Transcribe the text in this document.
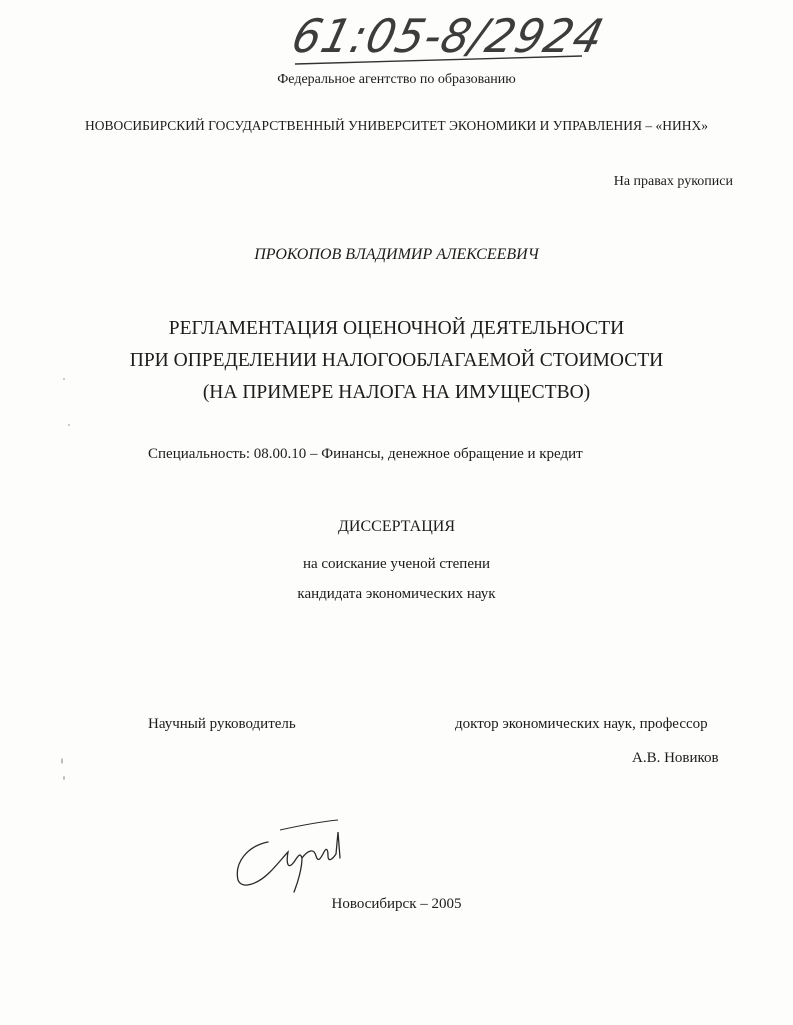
61:05-8/2924
Федеральное агентство по образованию
НОВОСИБИРСКИЙ ГОСУДАРСТВЕННЫЙ УНИВЕРСИТЕТ ЭКОНОМИКИ И УПРАВЛЕНИЯ – «НИНХ»
На правах рукописи
ПРОКОПОВ ВЛАДИМИР АЛЕКСЕЕВИЧ
РЕГЛАМЕНТАЦИЯ ОЦЕНОЧНОЙ ДЕЯТЕЛЬНОСТИ
ПРИ ОПРЕДЕЛЕНИИ НАЛОГООБЛАГАЕМОЙ СТОИМОСТИ
(НА ПРИМЕРЕ НАЛОГА НА ИМУЩЕСТВО)
Специальность: 08.00.10 – Финансы, денежное обращение и кредит
ДИССЕРТАЦИЯ
на соискание ученой степени
кандидата экономических наук
Научный руководитель	доктор экономических наук, профессор
А.В. Новиков
Новосибирск – 2005
